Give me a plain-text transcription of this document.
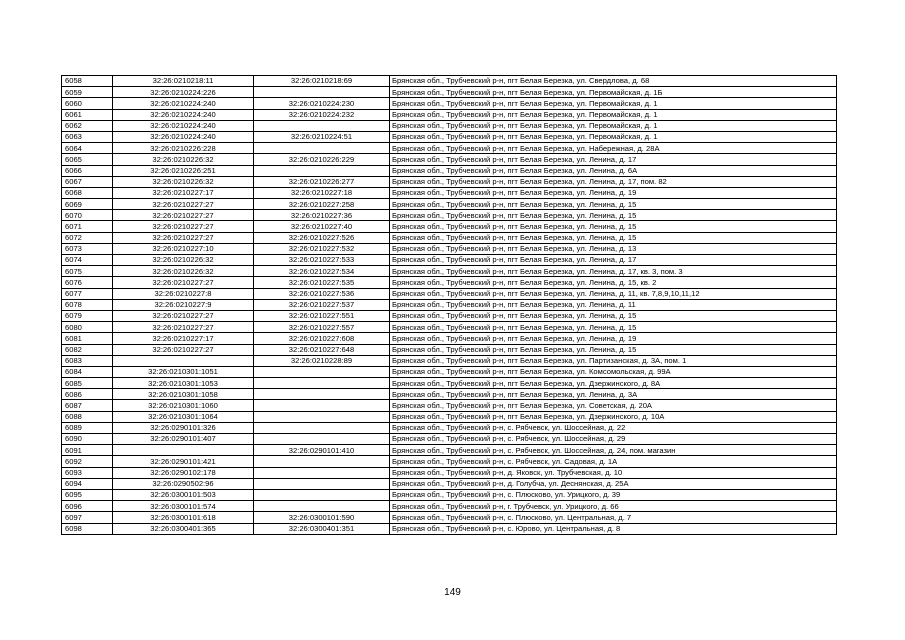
6058	32:26:0210218:11	32:26:0210218:69	Брянская обл., Трубчевский р-н, пгт Белая Березка, ул. Свердлова, д. 68
6059	32:26:0210224:226		Брянская обл., Трубчевский р-н, пгт Белая Березка, ул. Первомайская, д. 1Б
6060	32:26:0210224:240	32:26:0210224:230	Брянская обл., Трубчевский р-н, пгт Белая Березка, ул. Первомайская, д. 1
6061	32:26:0210224:240	32:26:0210224:232	Брянская обл., Трубчевский р-н, пгт Белая Березка, ул. Первомайская, д. 1
6062	32:26:0210224:240		Брянская обл., Трубчевский р-н, пгт Белая Березка, ул. Первомайская, д. 1
6063	32:26:0210224:240	32:26:0210224:51	Брянская обл., Трубчевский р-н, пгт Белая Березка, ул. Первомайская, д. 1
6064	32:26:0210226:228		Брянская обл., Трубчевский р-н, пгт Белая Березка, ул. Набережная, д. 28А
6065	32:26:0210226:32	32:26:0210226:229	Брянская обл., Трубчевский р-н, пгт Белая Березка, ул. Ленина, д. 17
6066	32:26:0210226:251		Брянская обл., Трубчевский р-н, пгт Белая Березка, ул. Ленина, д. 6А
6067	32:26:0210226:32	32:26:0210226:277	Брянская обл., Трубчевский р-н, пгт Белая Березка, ул. Ленина, д. 17, пом. 82
6068	32:26:0210227:17	32:26:0210227:18	Брянская обл., Трубчевский р-н, пгт Белая Березка, ул. Ленина, д. 19
6069	32:26:0210227:27	32:26:0210227:258	Брянская обл., Трубчевский р-н, пгт Белая Березка, ул. Ленина, д. 15
6070	32:26:0210227:27	32:26:0210227:36	Брянская обл., Трубчевский р-н, пгт Белая Березка, ул. Ленина, д. 15
6071	32:26:0210227:27	32:26:0210227:40	Брянская обл., Трубчевский р-н, пгт Белая Березка, ул. Ленина, д. 15
6072	32:26:0210227:27	32:26:0210227:526	Брянская обл., Трубчевский р-н, пгт Белая Березка, ул. Ленина, д. 15
6073	32:26:0210227:10	32:26:0210227:532	Брянская обл., Трубчевский р-н, пгт Белая Березка, ул. Ленина, д. 13
6074	32:26:0210226:32	32:26:0210227:533	Брянская обл., Трубчевский р-н, пгт Белая Березка, ул. Ленина, д. 17
6075	32:26:0210226:32	32:26:0210227:534	Брянская обл., Трубчевский р-н, пгт Белая Березка, ул. Ленина, д. 17, кв. 3, пом. 3
6076	32:26:0210227:27	32:26:0210227:535	Брянская обл., Трубчевский р-н, пгт Белая Березка, ул. Ленина, д. 15, кв. 2
6077	32:26:0210227:8	32:26:0210227:536	Брянская обл., Трубчевский р-н, пгт Белая Березка, ул. Ленина, д. 11, кв. 7,8,9,10,11,12
6078	32:26:0210227:9	32:26:0210227:537	Брянская обл., Трубчевский р-н, пгт Белая Березка, ул. Ленина, д. 11
6079	32:26:0210227:27	32:26:0210227:551	Брянская обл., Трубчевский р-н, пгт Белая Березка, ул. Ленина, д. 15
6080	32:26:0210227:27	32:26:0210227:557	Брянская обл., Трубчевский р-н, пгт Белая Березка, ул. Ленина, д. 15
6081	32:26:0210227:17	32:26:0210227:608	Брянская обл., Трубчевский р-н, пгт Белая Березка, ул. Ленина, д. 19
6082	32:26:0210227:27	32:26:0210227:648	Брянская обл., Трубчевский р-н, пгт Белая Березка, ул. Ленина, д. 15
6083		32:26:0210228:89	Брянская обл., Трубчевский р-н, пгт Белая Березка, ул. Партизанская, д. 3А, пом. 1
6084	32:26:0210301:1051		Брянская обл., Трубчевский р-н, пгт Белая Березка, ул. Комсомольская, д. 99А
6085	32:26:0210301:1053		Брянская обл., Трубчевский р-н, пгт Белая Березка, ул. Дзержинского, д. 8А
6086	32:26:0210301:1058		Брянская обл., Трубчевский р-н, пгт Белая Березка, ул. Ленина, д. 3А
6087	32:26:0210301:1060		Брянская обл., Трубчевский р-н, пгт Белая Березка, ул. Советская, д. 20А
6088	32:26:0210301:1064		Брянская обл., Трубчевский р-н, пгт Белая Березка, ул. Дзержинского, д. 10А
6089	32:26:0290101:326		Брянская обл., Трубчевский р-н, с. Рябчевск, ул. Шоссейная, д. 22
6090	32:26:0290101:407		Брянская обл., Трубчевский р-н, с. Рябчевск, ул. Шоссейная, д. 29
6091		32:26:0290101:410	Брянская обл., Трубчевский р-н, с. Рябчевск, ул. Шоссейная, д. 24, пом. магазин
6092	32:26:0290101:421		Брянская обл., Трубчевский р-н, с. Рябчевск, ул. Садовая, д. 1А
6093	32:26:0290102:178		Брянская обл., Трубчевский р-н, д. Яковск, ул. Трубчевская, д. 10
6094	32:26:0290502:96		Брянская обл., Трубчевский р-н, д. Голубча, ул. Деснянская, д. 25А
6095	32:26:0300101:503		Брянская обл., Трубчевский р-н, с. Плюсково, ул. Урицкого, д. 39
6096	32:26:0300101:574		Брянская обл., Трубчевский р-н, г. Трубчевск, ул. Урицкого, д. 66
6097	32:26:0300101:618	32:26:0300101:590	Брянская обл., Трубчевский р-н, с. Плюсково, ул. Центральная, д. 7
6098	32:26:0300401:365	32:26:0300401:351	Брянская обл., Трубчевский р-н, с. Юрово, ул. Центральная, д. 8
149
